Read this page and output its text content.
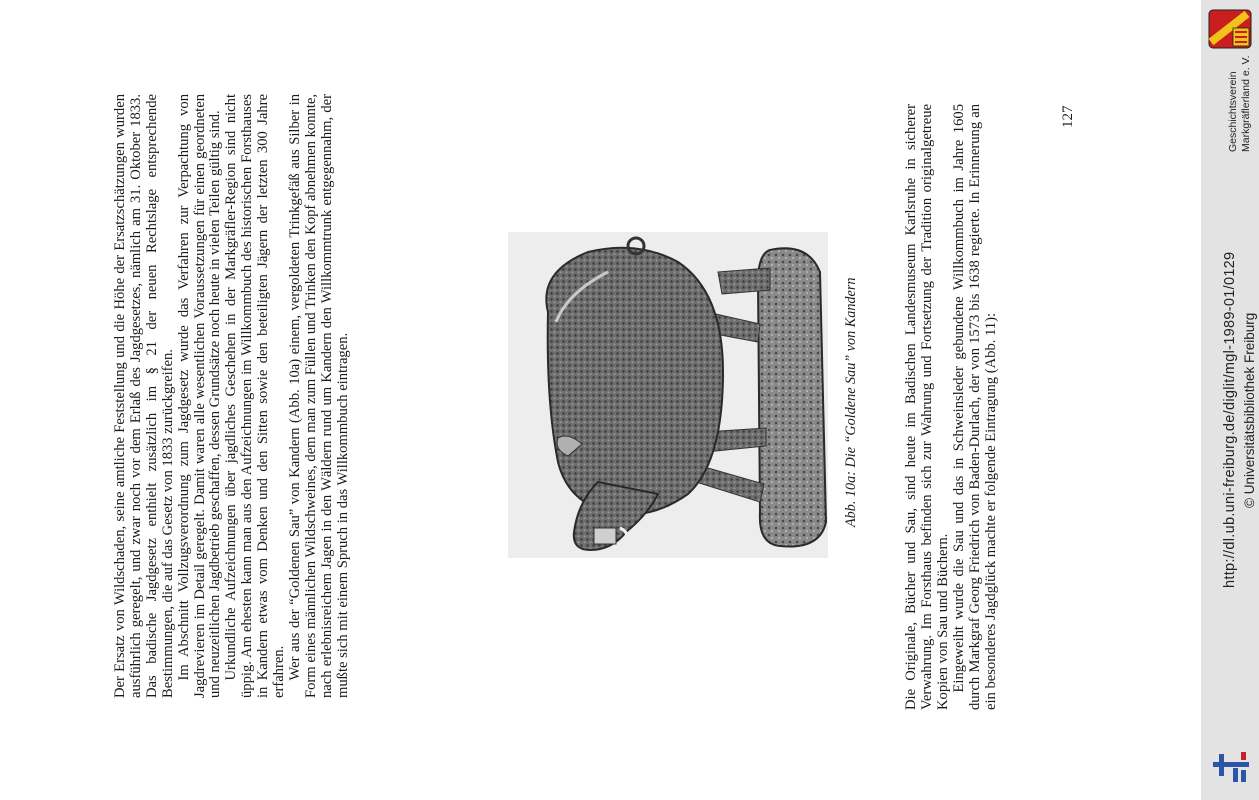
Der Ersatz von Wildschaden, seine amtliche Feststellung und die Höhe der Ersatzschätzungen wurden ausführlich geregelt, und zwar noch vor dem Erlaß des Jagdgesetzes, nämlich am 31. Oktober 1833. Das badische Jagdgesetz enthielt zusätzlich im § 21 der neuen Rechtslage entsprechende Bestimmungen, die auf das Gesetz von 1833 zurückgreifen. Im Abschnitt Vollzugsverordnung zum Jagdgesetz wurde das Verfahren zur Verpachtung von Jagdrevieren im Detail geregelt. Damit waren alle wesentlichen Voraussetzungen für einen geordneten und neuzeitlichen Jagdbetrieb geschaffen, dessen Grundsätze noch heute in vielen Teilen gültig sind. Urkundliche Aufzeichnungen über jagdliches Geschehen in der Markgräfler-Region sind nicht üppig. Am ehesten kann man aus den Aufzeichnungen im Willkommbuch des historischen Forsthauses in Kandern etwas vom Denken und den Sitten sowie den beteiligten Jägern der letzten 300 Jahre erfahren. Wer aus der “Goldenen Sau” von Kandern (Abb. 10a) einem, vergoldeten Trinkgefäß aus Silber in Form eines männlichen Wildschweines, dem man zum Füllen und Trinken den Kopf abnehmen konnte, nach erlebnisreichem Jagen in den Wäldern rund um Kandern den Willkommtrunk entgegennahm, der mußte sich mit einem Spruch in das Willkommbuch eintragen.	Abb. 10a: Die “Goldene Sau” von Kandern	Die Originale, Bücher und Sau, sind heute im Badischen Landesmuseum Karlsruhe in sicherer Verwahrung. Im Forsthaus befinden sich zur Wahrung und Fortsetzung der Tradition originalgetreue Kopien von Sau und Büchern. Eingeweiht wurde die Sau und das in Schweinsleder gebundene Willkommbuch im Jahre 1605 durch Markgraf Georg Friedrich von Baden-Durlach, der von 1573 bis 1638 regierte. In Erinnerung an ein besonderes Jagdglück machte er folgende Eintragung (Abb. 11):

127	Geschichtsverein Markgräflerland e. V.
http://dl.ub.uni-freiburg.de/diglit/mgl-1989-01/0129 © Universitätsbibliothek Freiburg
